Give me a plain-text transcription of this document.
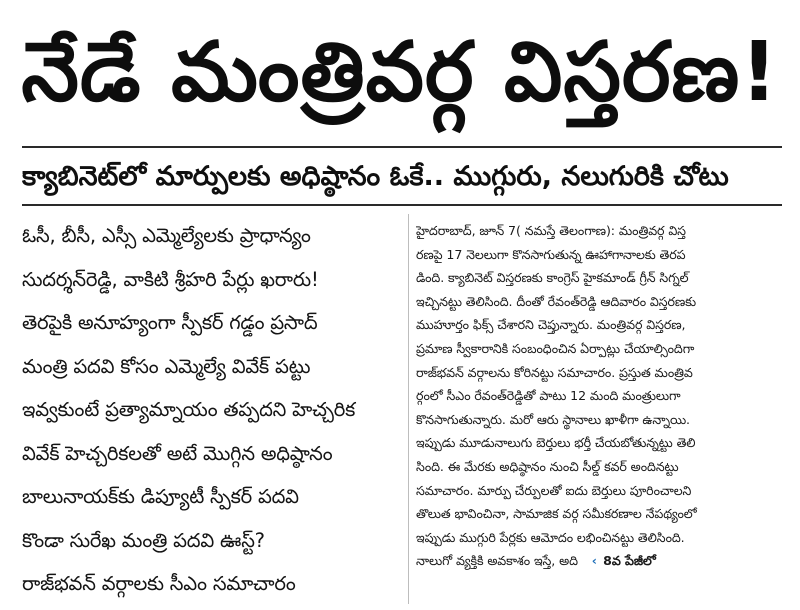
నేడే మంత్రివర్గ విస్తరణ!
క్యాబినెట్‌లో మార్పులకు అధిష్ఠానం ఓకే.. ముగ్గురు, నలుగురికి చోటు
ఓసీ, బీసీ, ఎస్సీ ఎమ్మెల్యేలకు ప్రాధాన్యం
సుదర్శన్‌రెడ్డి, వాకిటి శ్రీహరి పేర్లు ఖరారు!
తెరపైకి అనూహ్యంగా స్పీకర్ గడ్డం ప్రసాద్
మంత్రి పదవి కోసం ఎమ్మెల్యే వివేక్ పట్టు
ఇవ్వకుంటే ప్రత్యామ్నాయం తప్పదని హెచ్చరిక
వివేక్ హెచ్చరికలతో అటే మొగ్గిన అధిష్ఠానం
బాలునాయక్‌కు డిప్యూటీ స్పీకర్ పదవి
కొండా సురేఖ మంత్రి పదవి ఊస్ట్?
రాజ్‌భవన్ వర్గాలకు సీఎం సమాచారం
హైదరాబాద్, జూన్ 7( నమస్తే తెలంగాణ): మంత్రివర్గ విస్త
రణపై 17 నెలలుగా కొనసాగుతున్న ఊహాగానాలకు తెరప
డింది. క్యాబినెట్ విస్తరణకు కాంగ్రెస్ హైకమాండ్ గ్రీన్ సిగ్నల్
ఇచ్చినట్టు తెలిసింది. దీంతో రేవంత్‌రెడ్డి ఆదివారం విస్తరణకు
ముహూర్తం ఫిక్స్ చేశారని చెప్తున్నారు. మంత్రివర్గ విస్తరణ,
ప్రమాణ స్వీకారానికి సంబంధించిన ఏర్పాట్లు చేయాల్సిందిగా
రాజ్‌భవన్ వర్గాలను కోరినట్టు సమాచారం. ప్రస్తుత మంత్రివ
ర్గంలో సీఎం రేవంత్‌రెడ్డితో పాటు 12 మంది మంత్రులుగా
కొనసాగుతున్నారు. మరో ఆరు స్థానాలు ఖాళీగా ఉన్నాయి.
ఇప్పుడు మూడునాలుగు బెర్తులు భర్తీ చేయబోతున్నట్టు తెలి
సింది. ఈ మేరకు అధిష్ఠానం నుంచి సీల్డ్ కవర్ అందినట్టు
సమాచారం. మార్పు చేర్పులతో ఐదు బెర్తులు పూరించాలని
తొలుత భావించినా, సామాజిక వర్గ సమీకరణాల నేపథ్యంలో
ఇప్పుడు ముగ్గురి పేర్లకు ఆమోదం లభించినట్టు తెలిసింది.
నాలుగో వ్యక్తికి అవకాశం ఇస్తే, అది ‹ 8వ పేజీలో
